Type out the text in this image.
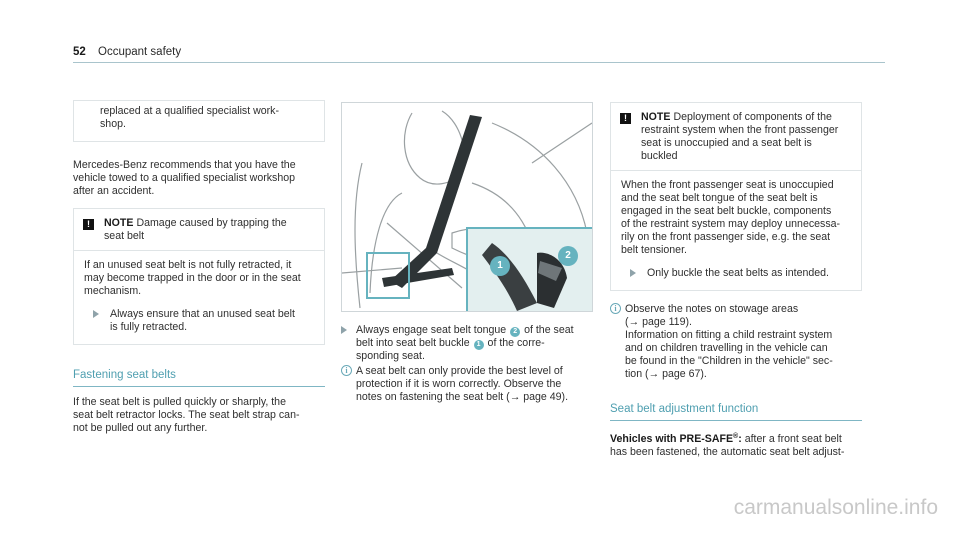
52 Occupant safety
replaced at a qualified specialist work-
shop.
Mercedes-Benz recommends that you have the
vehicle towed to a qualified specialist workshop
after an accident.
!	NOTE Damage caused by trapping the
seat belt
If an unused seat belt is not fully retracted, it
may become trapped in the door or in the seat
mechanism.
Always ensure that an unused seat belt
is fully retracted.
Fastening seat belts
If the seat belt is pulled quickly or sharply, the
seat belt retractor locks. The seat belt strap can-
not be pulled out any further.
1
2
Always engage seat belt tongue 2 of the seat
belt into seat belt buckle 1 of the corre-
sponding seat.
i A seat belt can only provide the best level of
protection if it is worn correctly. Observe the
notes on fastening the seat belt (→ page 49).
!	NOTE Deployment of components of the
restraint system when the front passenger
seat is unoccupied and a seat belt is
buckled
When the front passenger seat is unoccupied
and the seat belt tongue of the seat belt is
engaged in the seat belt buckle, components
of the restraint system may deploy unnecessa-
rily on the front passenger side, e.g. the seat
belt tensioner.
Only buckle the seat belts as intended.
i Observe the notes on stowage areas
(→ page 119).
Information on fitting a child restraint system
and on children travelling in the vehicle can
be found in the "Children in the vehicle" sec-
tion (→ page 67).
Seat belt adjustment function
Vehicles with PRE-SAFE®: after a front seat belt
has been fastened, the automatic seat belt adjust-
carmanualsonline.info
